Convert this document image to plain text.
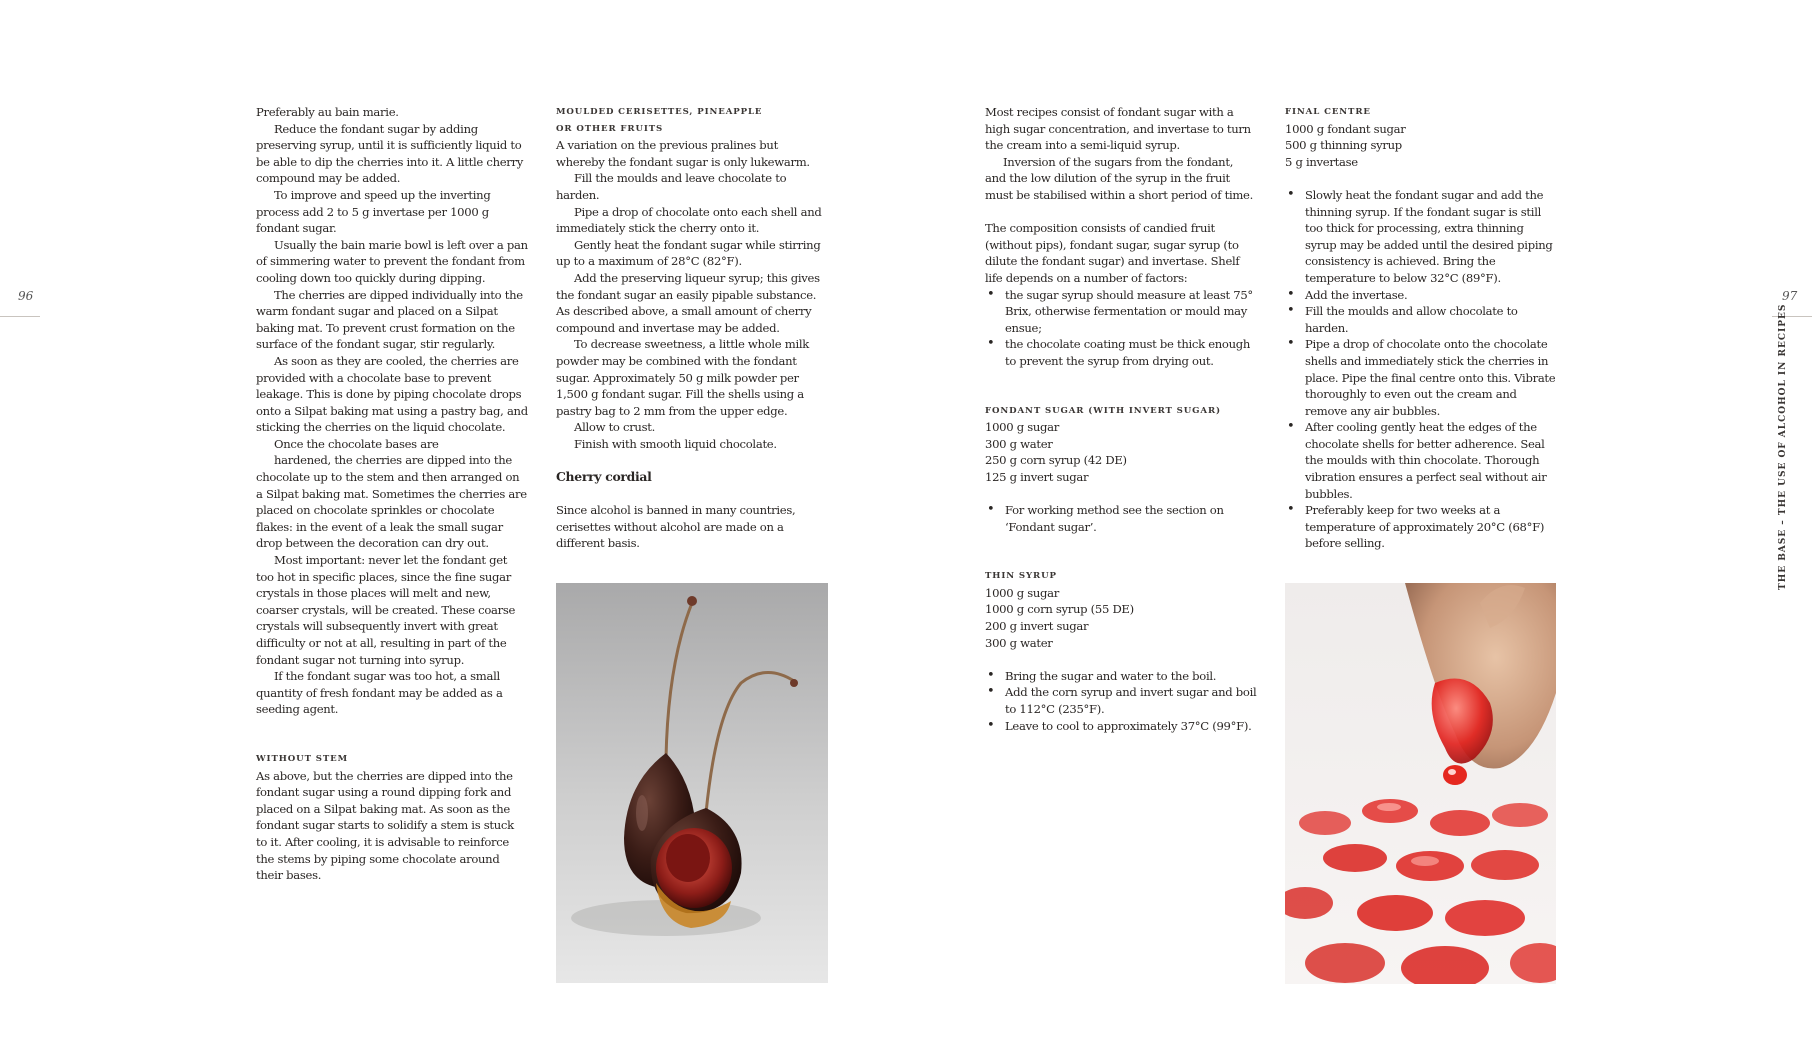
96	97
THE BASE – THE USE OF ALCOHOL IN RECIPES

Preferably au bain marie.

Reduce the fondant sugar by adding preserving syrup, until it is sufficiently liquid to be able to dip the cherries into it. A little cherry compound may be added.

To improve and speed up the inverting process add 2 to 5 g invertase per 1000 g fondant sugar.

Usually the bain marie bowl is left over a pan of simmering water to prevent the fondant from cooling down too quickly during dipping.

The cherries are dipped individually into the warm fondant sugar and placed on a Silpat baking mat. To prevent crust formation on the surface of the fondant sugar, stir regularly.

As soon as they are cooled, the cherries are provided with a chocolate base to prevent leakage. This is done by piping chocolate drops onto a Silpat baking mat using a pastry bag, and sticking the cherries on the liquid chocolate.

Once the chocolate bases are

hardened, the cherries are dipped into the chocolate up to the stem and then arranged on a Silpat baking mat. Sometimes the cherries are placed on chocolate sprinkles or chocolate flakes: in the event of a leak the small sugar drop between the decoration can dry out.

Most important: never let the fondant get too hot in specific places, since the fine sugar crystals in those places will melt and new, coarser crystals, will be created. These coarse crystals will subsequently invert with great difficulty or not at all, resulting in part of the fondant sugar not turning into syrup.

If the fondant sugar was too hot, a small quantity of fresh fondant may be added as a seeding agent.

WITHOUT STEM

As above, but the cherries are dipped into the fondant sugar using a round dipping fork and placed on a Silpat baking mat. As soon as the fondant sugar starts to solidify a stem is stuck to it. After cooling, it is advisable to reinforce the stems by piping some chocolate around their bases.

MOULDED CERISETTES, PINEAPPLE

OR OTHER FRUITS

A variation on the previous pralines but whereby the fondant sugar is only lukewarm.

Fill the moulds and leave chocolate to harden.

Pipe a drop of chocolate onto each shell and immediately stick the cherry onto it.

Gently heat the fondant sugar while stirring up to a maximum of 28°C (82°F).

Add the preserving liqueur syrup; this gives the fondant sugar an easily pipable substance. As described above, a small amount of cherry compound and invertase may be added.

To decrease sweetness, a little whole milk powder may be combined with the fondant sugar. Approximately 50 g milk powder per 1,500 g fondant sugar. Fill the shells using a pastry bag to 2 mm from the upper edge.

Allow to crust.

Finish with smooth liquid chocolate.

Cherry cordial

Since alcohol is banned in many countries, cerisettes without alcohol are made on a different basis.

Most recipes consist of fondant sugar with a high sugar concentration, and invertase to turn the cream into a semi-liquid syrup.

Inversion of the sugars from the fondant, and the low dilution of the syrup in the fruit must be stabilised within a short period of time.

The composition consists of candied fruit (without pips), fondant sugar, sugar syrup (to dilute the fondant sugar) and invertase. Shelf life depends on a number of factors:

• the sugar syrup should measure at least 75° Brix, otherwise fermentation or mould may ensue;
• the chocolate coating must be thick enough to prevent the syrup from drying out.

FONDANT SUGAR (WITH INVERT SUGAR)

1000 g sugar

300 g water

250 g corn syrup (42 DE)

125 g invert sugar

• For working method see the section on ‘Fondant sugar’.

THIN SYRUP

1000 g sugar

1000 g corn syrup (55 DE)

200 g invert sugar

300 g water

• Bring the sugar and water to the boil.
• Add the corn syrup and invert sugar and boil to 112°C (235°F).
• Leave to cool to approximately 37°C (99°F).

FINAL CENTRE

1000 g fondant sugar

500 g thinning syrup

5 g invertase

• Slowly heat the fondant sugar and add the thinning syrup. If the fondant sugar is still too thick for processing, extra thinning syrup may be added until the desired piping consistency is achieved. Bring the temperature to below 32°C (89°F).
• Add the invertase.
• Fill the moulds and allow chocolate to harden.
• Pipe a drop of chocolate onto the chocolate shells and immediately stick the cherries in place. Pipe the final centre onto this. Vibrate thoroughly to even out the cream and remove any air bubbles.
• After cooling gently heat the edges of the chocolate shells for better adherence. Seal the moulds with thin chocolate. Thorough vibration ensures a perfect seal without air bubbles.
• Preferably keep for two weeks at a temperature of approximately 20°C (68°F) before selling.
